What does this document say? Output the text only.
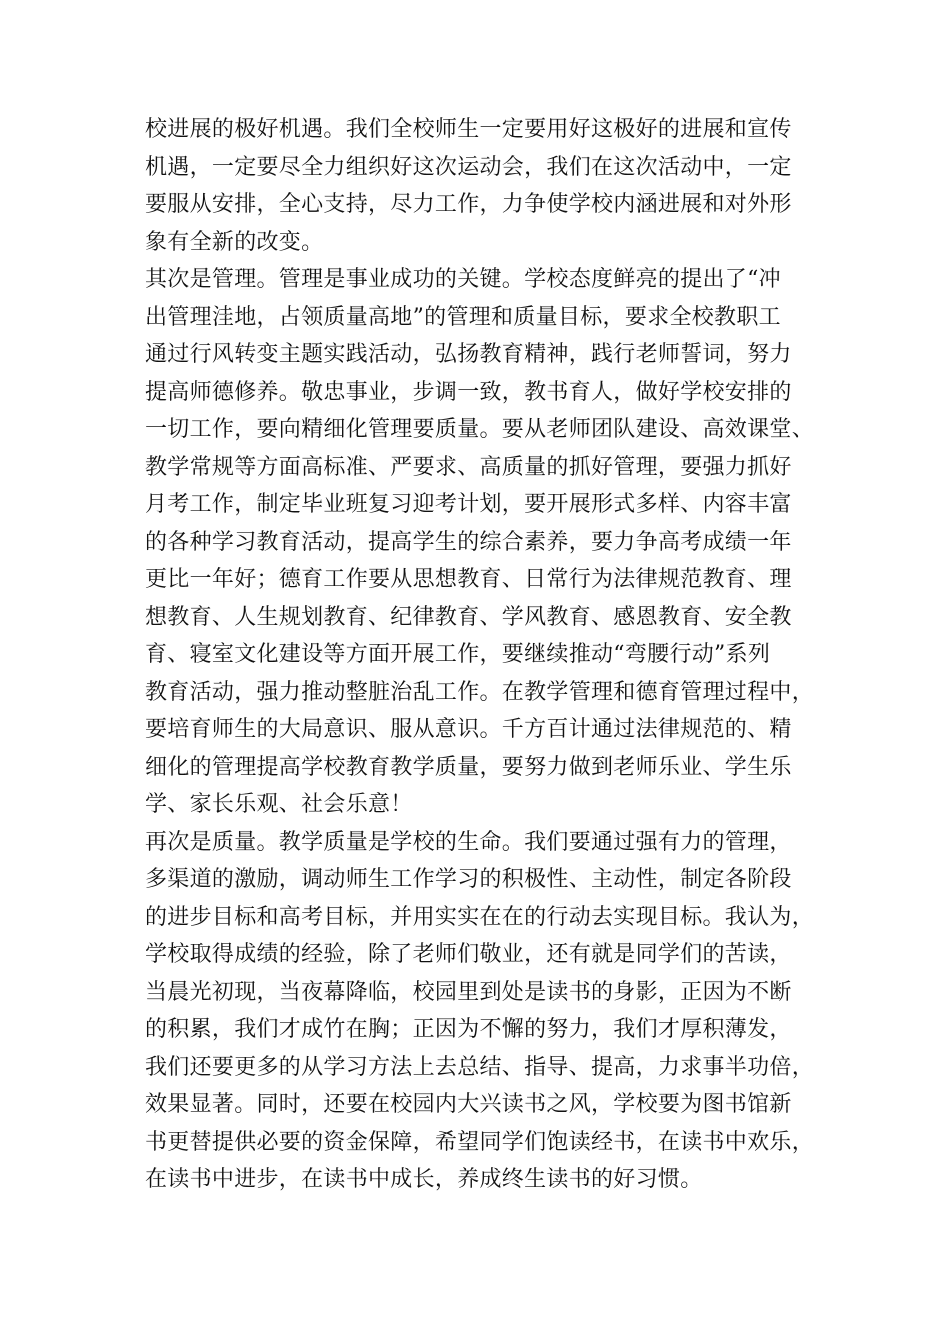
校进展的极好机遇。我们全校师生一定要用好这极好的进展和宣传
机遇，一定要尽全力组织好这次运动会，我们在这次活动中，一定
要服从安排，全心支持，尽力工作，力争使学校内涵进展和对外形
象有全新的改变。
其次是管理。管理是事业成功的关键。学校态度鲜亮的提出了“冲
出管理洼地，占领质量高地”的管理和质量目标，要求全校教职工
通过行风转变主题实践活动，弘扬教育精神，践行老师誓词，努力
提高师德修养。敬忠事业，步调一致，教书育人，做好学校安排的
一切工作，要向精细化管理要质量。要从老师团队建设、高效课堂、
教学常规等方面高标准、严要求、高质量的抓好管理，要强力抓好
月考工作，制定毕业班复习迎考计划，要开展形式多样、内容丰富
的各种学习教育活动，提高学生的综合素养，要力争高考成绩一年
更比一年好；德育工作要从思想教育、日常行为法律规范教育、理
想教育、人生规划教育、纪律教育、学风教育、感恩教育、安全教
育、寝室文化建设等方面开展工作，要继续推动“弯腰行动”系列
教育活动，强力推动整脏治乱工作。在教学管理和德育管理过程中，
要培育师生的大局意识、服从意识。千方百计通过法律规范的、精
细化的管理提高学校教育教学质量，要努力做到老师乐业、学生乐
学、家长乐观、社会乐意！
再次是质量。教学质量是学校的生命。我们要通过强有力的管理，
多渠道的激励，调动师生工作学习的积极性、主动性，制定各阶段
的进步目标和高考目标，并用实实在在的行动去实现目标。我认为，
学校取得成绩的经验，除了老师们敬业，还有就是同学们的苦读，
当晨光初现，当夜幕降临，校园里到处是读书的身影，正因为不断
的积累，我们才成竹在胸；正因为不懈的努力，我们才厚积薄发，
我们还要更多的从学习方法上去总结、指导、提高，力求事半功倍，
效果显著。同时，还要在校园内大兴读书之风，学校要为图书馆新
书更替提供必要的资金保障，希望同学们饱读经书，在读书中欢乐，
在读书中进步，在读书中成长，养成终生读书的好习惯。
